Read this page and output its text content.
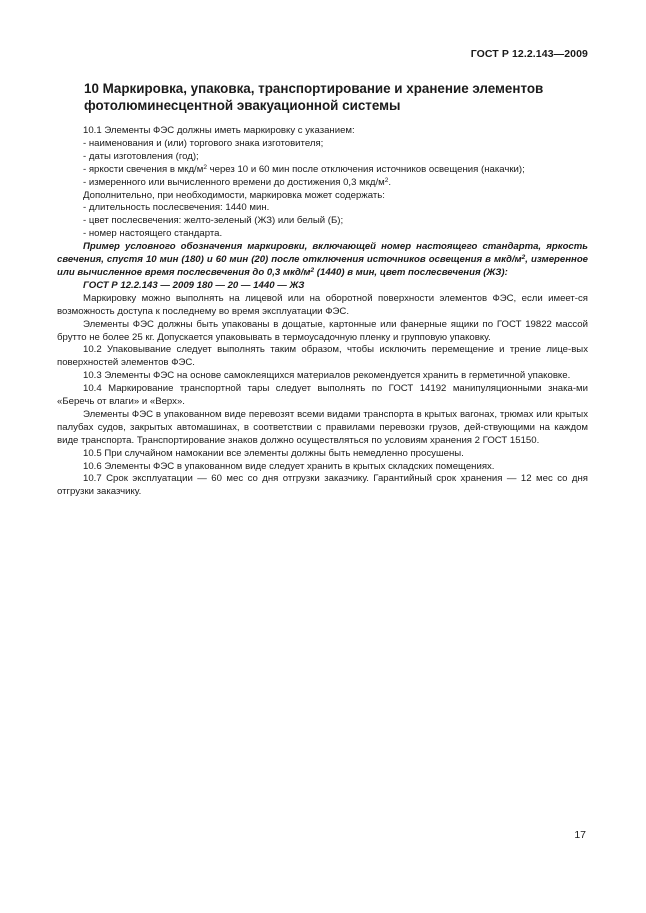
ГОСТ Р 12.2.143—2009
10 Маркировка, упаковка, транспортирование и хранение элементов фотолюминесцентной эвакуационной системы

10.1 Элементы ФЭС должны иметь маркировку с указанием:

- наименования и (или) торгового знака изготовителя;

- даты изготовления (год);

- яркости свечения в мкд/$м^2$ через 10 и 60 мин после отключения источников освещения (накачки);

- измеренного или вычисленного времени до достижения 0,3 мкд/$м^2$.

Дополнительно, при необходимости, маркировка может содержать:

- длительность послесвечения: 1440 мин.

- цвет послесвечения: желто-зеленый (ЖЗ) или белый (Б);

- номер настоящего стандарта.

Пример условного обозначения маркировки, включающей номер настоящего стандарта, яркость свечения, спустя 10 мин (180) и 60 мин (20) после отключения источников освещения в мкд/$м^2$, измеренное или вычисленное время послесвечения до 0,3 мкд/$м^2$ (1440) в мин, цвет послесвечения (ЖЗ):

ГОСТ Р 12.2.143 — 2009 180 — 20 — 1440 — ЖЗ

Маркировку можно выполнять на лицевой или на оборотной поверхности элементов ФЭС, если имеет-ся возможность доступа к последнему во время эксплуатации ФЭС.

Элементы ФЭС должны быть упакованы в дощатые, картонные или фанерные ящики по ГОСТ 19822 массой брутто не более 25 кг. Допускается упаковывать в термоусадочную пленку и групповую упаковку.

10.2 Упаковывание следует выполнять таким образом, чтобы исключить перемещение и трение лице-вых поверхностей элементов ФЭС.

10.3 Элементы ФЭС на основе самоклеящихся материалов рекомендуется хранить в герметичной упаковке.

10.4 Маркирование транспортной тары следует выполнять по ГОСТ 14192 манипуляционными знака-ми «Беречь от влаги» и «Верх».

Элементы ФЭС в упакованном виде перевозят всеми видами транспорта в крытых вагонах, трюмах или крытых палубах судов, закрытых автомашинах, в соответствии с правилами перевозки грузов, дей-ствующими на каждом виде транспорта. Транспортирование знаков должно осуществляться по условиям хранения 2 ГОСТ 15150.

10.5 При случайном намокании все элементы должны быть немедленно просушены.

10.6 Элементы ФЭС в упакованном виде следует хранить в крытых складских помещениях.

10.7 Срок эксплуатации — 60 мес со дня отгрузки заказчику. Гарантийный срок хранения — 12 мес со дня отгрузки заказчику.

17
